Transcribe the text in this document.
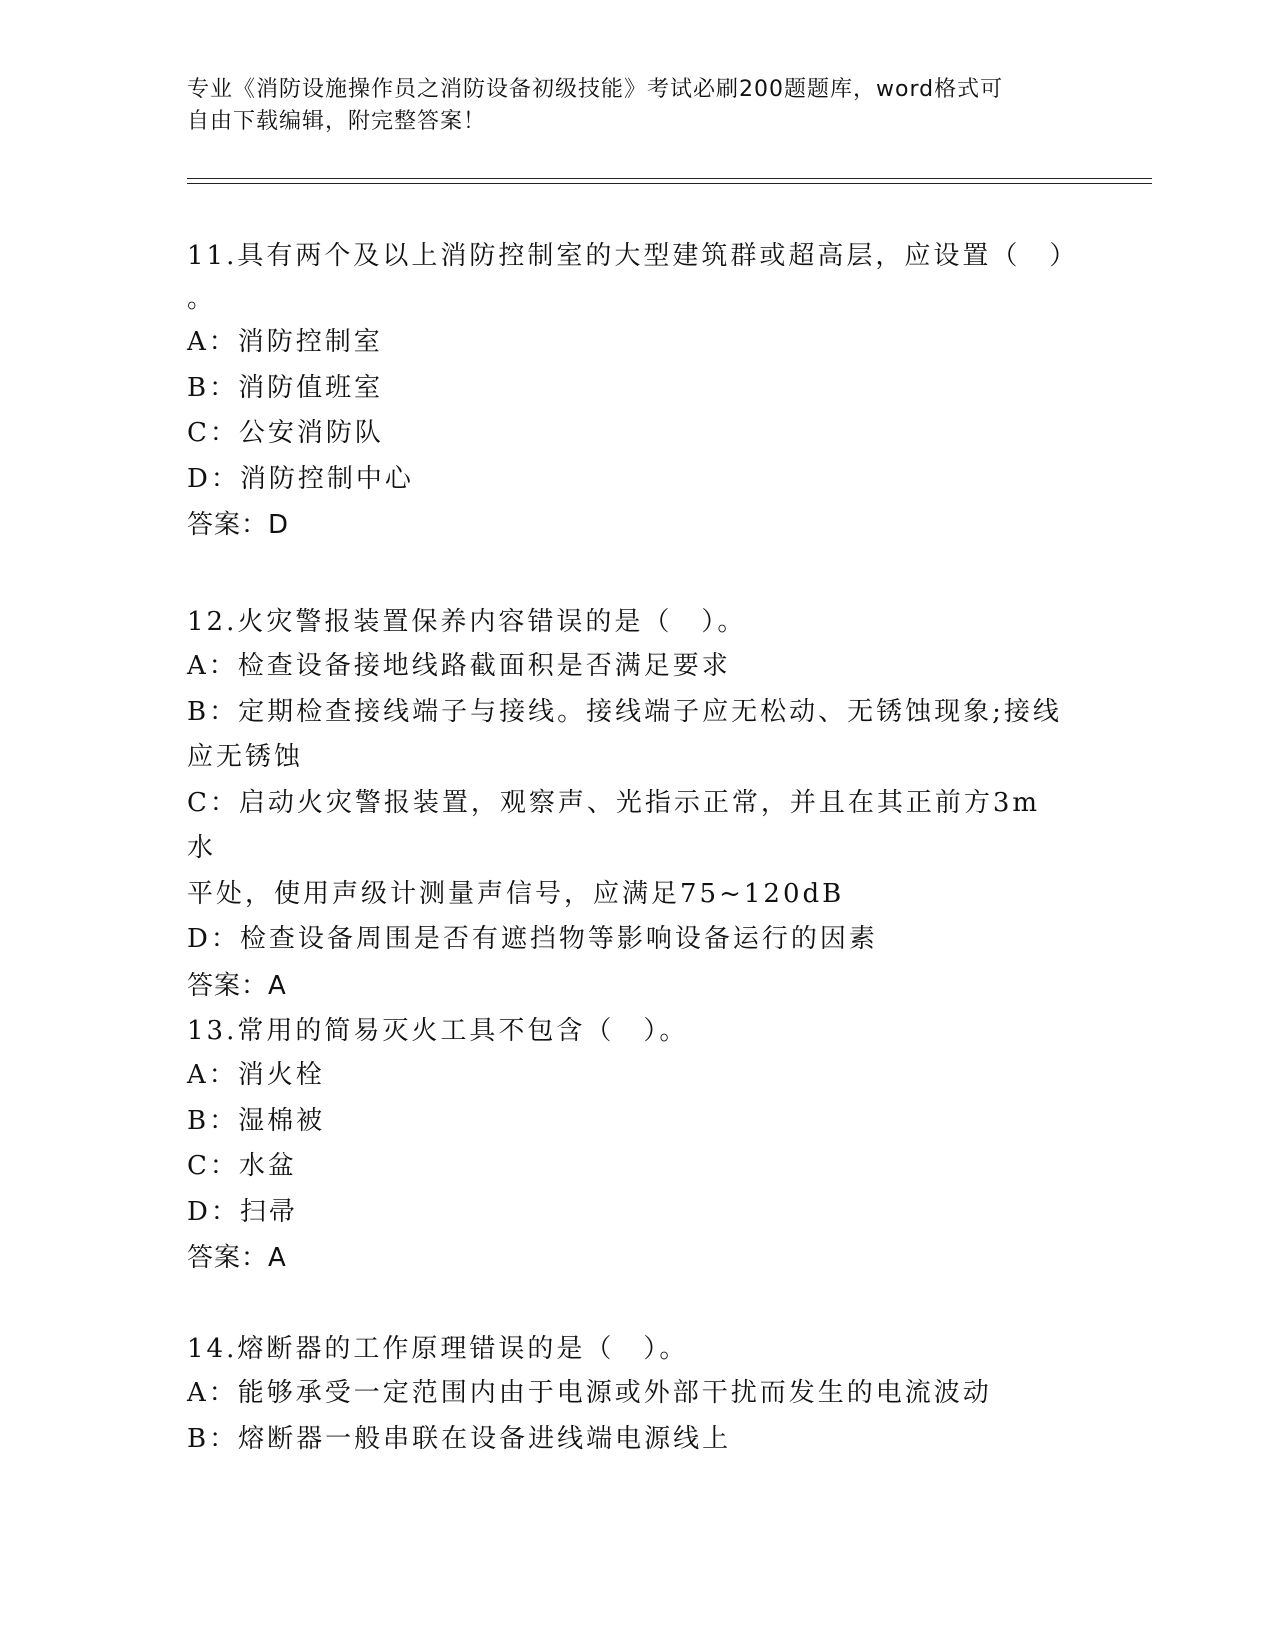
专业《消防设施操作员之消防设备初级技能》考试必刷200题题库，word格式可
自由下载编辑，附完整答案！

11.具有两个及以上消防控制室的大型建筑群或超高层，应设置（　）

。

A：消防控制室

B：消防值班室

C：公安消防队

D：消防控制中心

答案：D

12.火灾警报装置保养内容错误的是（　）。

A：检查设备接地线路截面积是否满足要求

B：定期检查接线端子与接线。接线端子应无松动、无锈蚀现象;接线

应无锈蚀

C：启动火灾警报装置，观察声、光指示正常，并且在其正前方3m水

平处，使用声级计测量声信号，应满足75~120dB

D：检查设备周围是否有遮挡物等影响设备运行的因素

答案：A

13.常用的简易灭火工具不包含（　）。

A：消火栓

B：湿棉被

C：水盆

D：扫帚

答案：A

14.熔断器的工作原理错误的是（　）。

A：能够承受一定范围内由于电源或外部干扰而发生的电流波动

B：熔断器一般串联在设备进线端电源线上
